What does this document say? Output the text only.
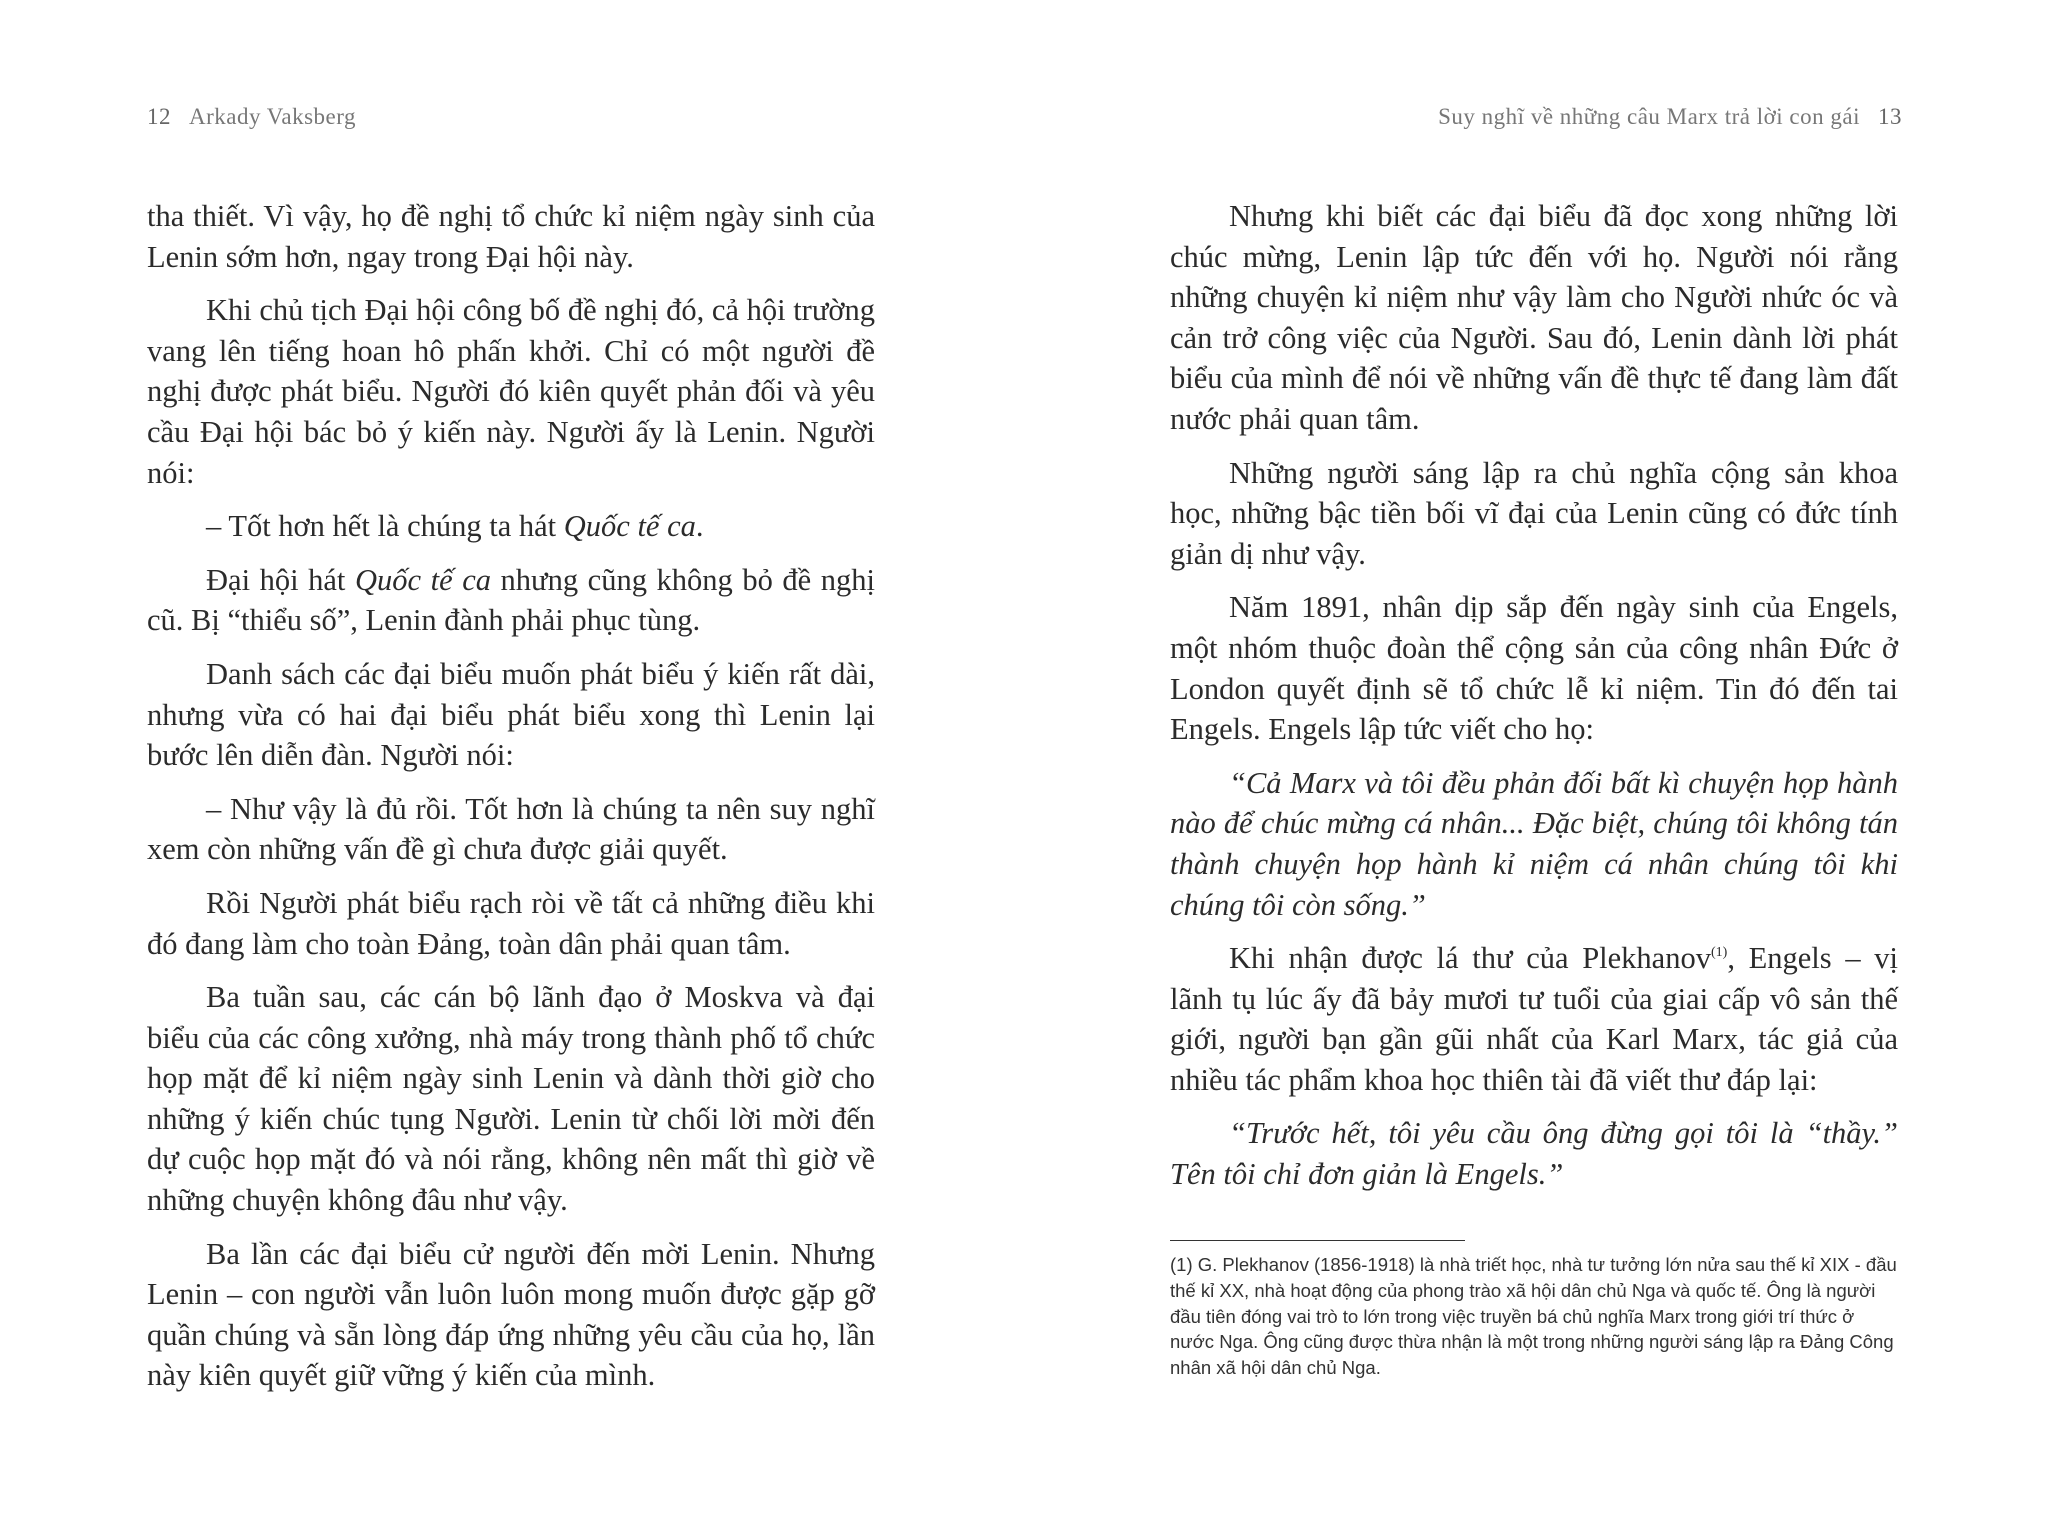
12 Arkady Vaksberg

tha thiết. Vì vậy, họ đề nghị tổ chức kỉ niệm ngày sinh của Lenin sớm hơn, ngay trong Đại hội này.

Khi chủ tịch Đại hội công bố đề nghị đó, cả hội trường vang lên tiếng hoan hô phấn khởi. Chỉ có một người đề nghị được phát biểu. Người đó kiên quyết phản đối và yêu cầu Đại hội bác bỏ ý kiến này. Người ấy là Lenin. Người nói:

– Tốt hơn hết là chúng ta hát Quốc tế ca.

Đại hội hát Quốc tế ca nhưng cũng không bỏ đề nghị cũ. Bị “thiểu số”, Lenin đành phải phục tùng.

Danh sách các đại biểu muốn phát biểu ý kiến rất dài, nhưng vừa có hai đại biểu phát biểu xong thì Lenin lại bước lên diễn đàn. Người nói:

– Như vậy là đủ rồi. Tốt hơn là chúng ta nên suy nghĩ xem còn những vấn đề gì chưa được giải quyết.

Rồi Người phát biểu rạch ròi về tất cả những điều khi đó đang làm cho toàn Đảng, toàn dân phải quan tâm.

Ba tuần sau, các cán bộ lãnh đạo ở Moskva và đại biểu của các công xưởng, nhà máy trong thành phố tổ chức họp mặt để kỉ niệm ngày sinh Lenin và dành thời giờ cho những ý kiến chúc tụng Người. Lenin từ chối lời mời đến dự cuộc họp mặt đó và nói rằng, không nên mất thì giờ về những chuyện không đâu như vậy.

Ba lần các đại biểu cử người đến mời Lenin. Nhưng Lenin – con người vẫn luôn luôn mong muốn được gặp gỡ quần chúng và sẵn lòng đáp ứng những yêu cầu của họ, lần này kiên quyết giữ vững ý kiến của mình.

Suy nghĩ về những câu Marx trả lời con gái 13

Nhưng khi biết các đại biểu đã đọc xong những lời chúc mừng, Lenin lập tức đến với họ. Người nói rằng những chuyện kỉ niệm như vậy làm cho Người nhức óc và cản trở công việc của Người. Sau đó, Lenin dành lời phát biểu của mình để nói về những vấn đề thực tế đang làm đất nước phải quan tâm.

Những người sáng lập ra chủ nghĩa cộng sản khoa học, những bậc tiền bối vĩ đại của Lenin cũng có đức tính giản dị như vậy.

Năm 1891, nhân dịp sắp đến ngày sinh của Engels, một nhóm thuộc đoàn thể cộng sản của công nhân Đức ở London quyết định sẽ tổ chức lễ kỉ niệm. Tin đó đến tai Engels. Engels lập tức viết cho họ:

“Cả Marx và tôi đều phản đối bất kì chuyện họp hành nào để chúc mừng cá nhân... Đặc biệt, chúng tôi không tán thành chuyện họp hành kỉ niệm cá nhân chúng tôi khi chúng tôi còn sống.”

Khi nhận được lá thư của Plekhanov$^{(1)}$, Engels – vị lãnh tụ lúc ấy đã bảy mươi tư tuổi của giai cấp vô sản thế giới, người bạn gần gũi nhất của Karl Marx, tác giả của nhiều tác phẩm khoa học thiên tài đã viết thư đáp lại:

“Trước hết, tôi yêu cầu ông đừng gọi tôi là “thầy.” Tên tôi chỉ đơn giản là Engels.”

(1) G. Plekhanov (1856-1918) là nhà triết học, nhà tư tưởng lớn nửa sau thế kỉ XIX - đầu thế kỉ XX, nhà hoạt động của phong trào xã hội dân chủ Nga và quốc tế. Ông là người đầu tiên đóng vai trò to lớn trong việc truyền bá chủ nghĩa Marx trong giới trí thức ở nước Nga. Ông cũng được thừa nhận là một trong những người sáng lập ra Đảng Công nhân xã hội dân chủ Nga.
